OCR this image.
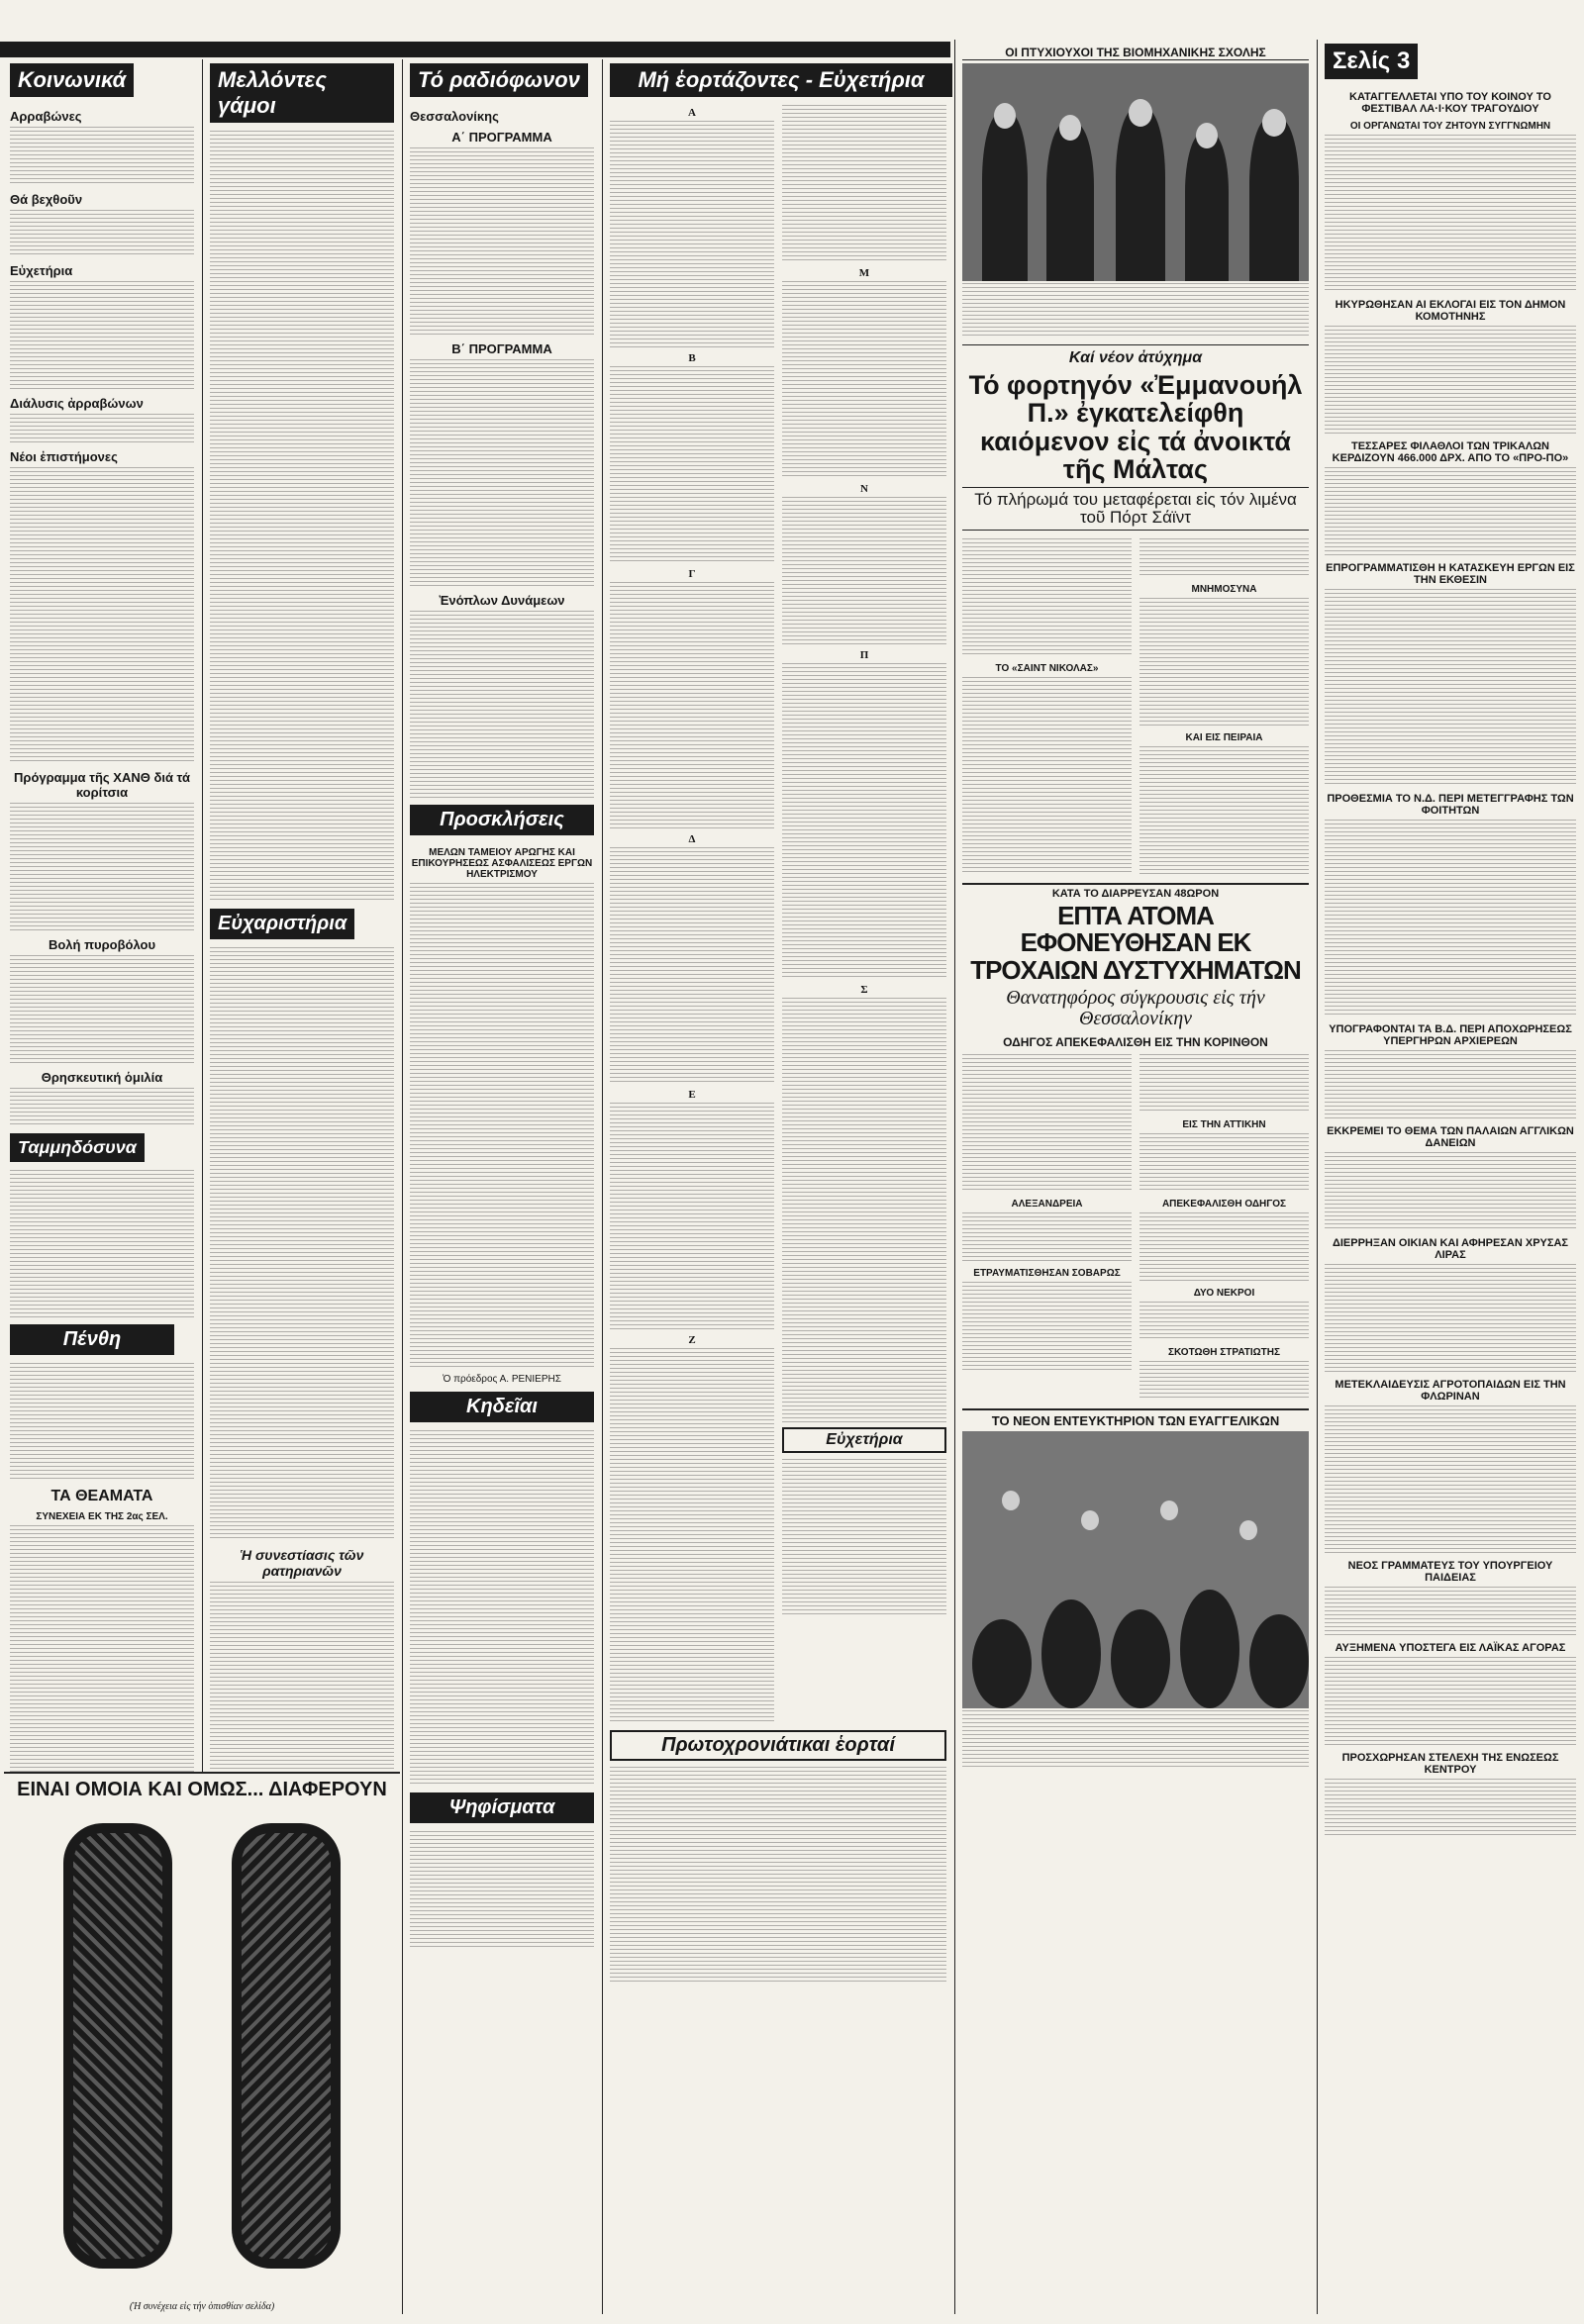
Κοινωνικά
Αρραβώνες
Θά βεχθοῦν
Εὐχετήρια
Διάλυσις ἀρραβώνων
Νέοι ἐπιστήμονες
Πρόγραμμα τῆς ΧΑΝΘ διά τά κορίτσια
Βολή πυροβόλου
Θρησκευτική ὁμιλία
Ταμμηδόσυνα
Πένθη
ΤΑ ΘΕΑΜΑΤΑ
ΣΥΝΕΧΕΙΑ ΕΚ ΤΗΣ 2ας ΣΕΛ.
ΕΙΝΑΙ ΟΜΟΙΑ ΚΑΙ ΟΜΩΣ... ΔΙΑΦΕΡΟΥΝ
(Ἡ συνέχεια εἰς τήν ὀπισθίαν σελίδα)
Μελλόντες γάμοι
Εὐχαριστήρια
Ἡ συνεστίασις τῶν ρατηριανῶν
Τό ραδιόφωνον
Θεσσαλονίκης
Α΄ ΠΡΟΓΡΑΜΜΑ
Β΄ ΠΡΟΓΡΑΜΜΑ
Ἐνόπλων Δυνάμεων
Προσκλήσεις
ΜΕΛΩΝ ΤΑΜΕΙΟΥ ΑΡΩΓΗΣ ΚΑΙ ΕΠΙΚΟΥΡΗΣΕΩΣ ΑΣΦΑΛΙΣΕΩΣ ΕΡΓΩΝ ΗΛΕΚΤΡΙΣΜΟΥ
Ὁ πρόεδρος Α. ΡΕΝΙΕΡΗΣ
Κηδεῖαι
Ψηφίσματα
Μή ἑορτάζοντες - Εὐχετήρια
Α
Β
Γ
Δ
Ε
Ζ
Μ
Ν
Π
Σ
Εὐχετήρια
Πρωτοχρονιάτικαι ἑορταί
ΟΙ ΠΤΥΧΙΟΥΧΟΙ ΤΗΣ ΒΙΟΜΗΧΑΝΙΚΗΣ ΣΧΟΛΗΣ
Καί νέον ἀτύχημα
Τό φορτηγόν «Ἐμμανουήλ Π.» ἐγκατελείφθη καιόμενον εἰς τά ἀνοικτά τῆς Μάλτας
Τό πλήρωμά του μεταφέρεται εἰς τόν λιμένα τοῦ Πόρτ Σάϊντ
ΤΟ «ΣΑΙΝΤ ΝΙΚΟΛΑΣ»
ΜΝΗΜΟΣΥΝΑ
ΚΑΙ ΕΙΣ ΠΕΙΡΑΙΑ
ΚΑΤΑ ΤΟ ΔΙΑΡΡΕΥΣΑΝ 48ΩΡΟΝ
ΕΠΤΑ ΑΤΟΜΑ ΕΦΟΝΕΥΘΗΣΑΝ ΕΚ ΤΡΟΧΑΙΩΝ ΔΥΣΤΥΧΗΜΑΤΩΝ
Θανατηφόρος σύγκρουσις εἰς τήν Θεσσαλονίκην
ΟΔΗΓΟΣ ΑΠΕΚΕΦΑΛΙΣΘΗ ΕΙΣ ΤΗΝ ΚΟΡΙΝΘΟΝ
ΑΛΕΞΑΝΔΡΕΙΑ
ΕΤΡΑΥΜΑΤΙΣΘΗΣΑΝ ΣΟΒΑΡΩΣ
ΕΙΣ ΤΗΝ ΑΤΤΙΚΗΝ
ΑΠΕΚΕΦΑΛΙΣΘΗ ΟΔΗΓΟΣ
ΔΥΟ ΝΕΚΡΟΙ
ΣΚΟΤΩΘΗ ΣΤΡΑΤΙΩΤΗΣ
ΤΟ ΝΕΟΝ ΕΝΤΕΥΚΤΗΡΙΟΝ ΤΩΝ ΕΥΑΓΓΕΛΙΚΩΝ
Σελίς 3
ΚΑΤΑΓΓΕΛΛΕΤΑΙ ΥΠΟ ΤΟΥ ΚΟΙΝΟΥ ΤΟ ΦΕΣΤΙΒΑΛ ΛΑ·Ι·ΚΟΥ ΤΡΑΓΟΥΔΙΟΥ
ΟΙ ΟΡΓΑΝΩΤΑΙ ΤΟΥ ΖΗΤΟΥΝ ΣΥΓΓΝΩΜΗΝ
ΗΚΥΡΩΘΗΣΑΝ ΑΙ ΕΚΛΟΓΑΙ ΕΙΣ ΤΟΝ ΔΗΜΟΝ ΚΟΜΟΤΗΝΗΣ
ΤΕΣΣΑΡΕΣ ΦΙΛΑΘΛΟΙ ΤΩΝ ΤΡΙΚΑΛΩΝ ΚΕΡΔΙΖΟΥΝ 466.000 ΔΡΧ. ΑΠΟ ΤΟ «ΠΡΟ-ΠΟ»
ΕΠΡΟΓΡΑΜΜΑΤΙΣΘΗ Η ΚΑΤΑΣΚΕΥΗ ΕΡΓΩΝ ΕΙΣ ΤΗΝ ΕΚΘΕΣΙΝ
ΠΡΟΘΕΣΜΙΑ ΤΟ Ν.Δ. ΠΕΡΙ ΜΕΤΕΓΓΡΑΦΗΣ ΤΩΝ ΦΟΙΤΗΤΩΝ
ΥΠΟΓΡΑΦΟΝΤΑΙ ΤΑ Β.Δ. ΠΕΡΙ ΑΠΟΧΩΡΗΣΕΩΣ ΥΠΕΡΓΗΡΩΝ ΑΡΧΙΕΡΕΩΝ
ΕΚΚΡΕΜΕΙ ΤΟ ΘΕΜΑ ΤΩΝ ΠΑΛΑΙΩΝ ΑΓΓΛΙΚΩΝ ΔΑΝΕΙΩΝ
ΔΙΕΡΡΗΞΑΝ ΟΙΚΙΑΝ ΚΑΙ ΑΦΗΡΕΣΑΝ ΧΡΥΣΑΣ ΛΙΡΑΣ
ΜΕΤΕΚΛΑΙΔΕΥΣΙΣ ΑΓΡΟΤΟΠΑΙΔΩΝ ΕΙΣ ΤΗΝ ΦΛΩΡΙΝΑΝ
ΝΕΟΣ ΓΡΑΜΜΑΤΕΥΣ ΤΟΥ ΥΠΟΥΡΓΕΙΟΥ ΠΑΙΔΕΙΑΣ
ΑΥΞΗΜΕΝΑ ΥΠΟΣΤΕΓΑ ΕΙΣ ΛΑΪΚΑΣ ΑΓΟΡΑΣ
ΠΡΟΣΧΩΡΗΣΑΝ ΣΤΕΛΕΧΗ ΤΗΣ ΕΝΩΣΕΩΣ ΚΕΝΤΡΟΥ
